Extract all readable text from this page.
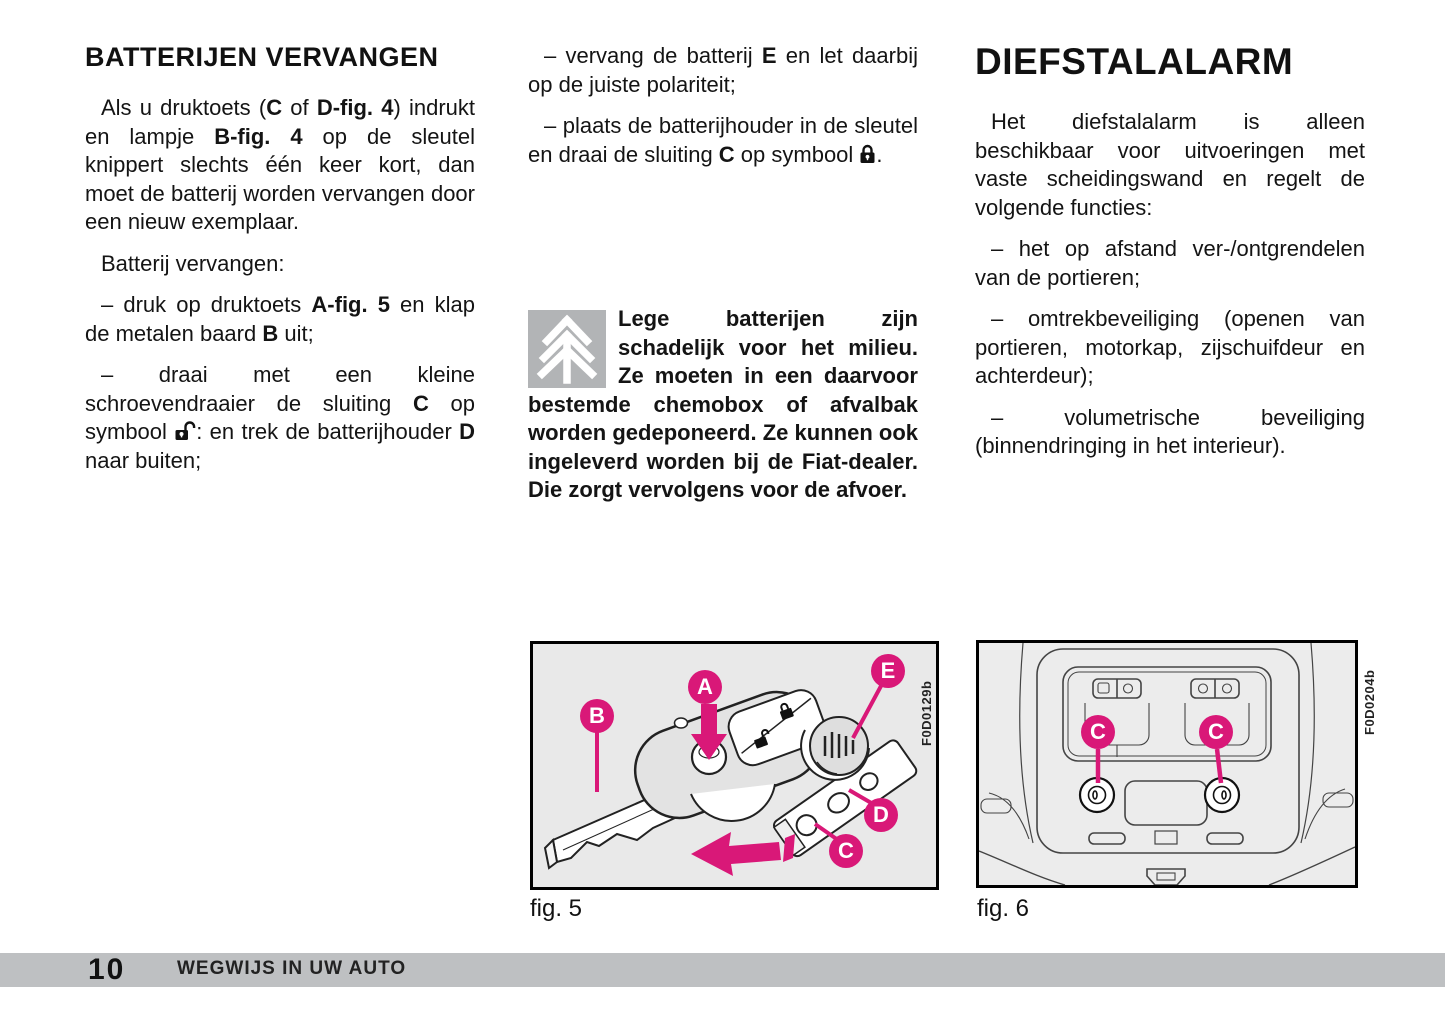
BATTERIJEN VERVANGEN

Als u druktoets (C of D-fig. 4) indrukt en lampje B-fig. 4 op de sleutel knippert slechts één keer kort, dan moet de batterij worden vervangen door een nieuw exemplaar.

Batterij vervangen:

– druk op druktoets A-fig. 5 en klap de metalen baard B uit;

– draai met een kleine schroevendraaier de sluiting C op symbool : en trek de batterijhouder D naar buiten;

– vervang de batterij E en let daarbij op de juiste polariteit;

– plaats de batterijhouder in de sleutel en draai de sluiting C op symbool .

Lege batterijen zijn schadelijk voor het milieu. Ze moeten in een daarvoor bestemde chemobox of afvalbak worden gedeponeerd. Ze kunnen ook ingeleverd worden bij de Fiat-dealer. Die zorgt vervolgens voor de afvoer.
DIEFSTALALARM

Het diefstalalarm is alleen beschikbaar voor uitvoeringen met vaste scheidingswand en regelt de volgende functies:

– het op afstand ver-/ontgrendelen van de portieren;

– omtrekbeveiliging (openen van portieren, motorkap, zijschuifdeur en achterdeur);

– volumetrische beveiliging (binnendringing in het interieur).

A
B
C
D
E
F0D0129b
fig. 5
C	C	F0D0204b
fig. 6
10	WEGWIJS IN UW AUTO
